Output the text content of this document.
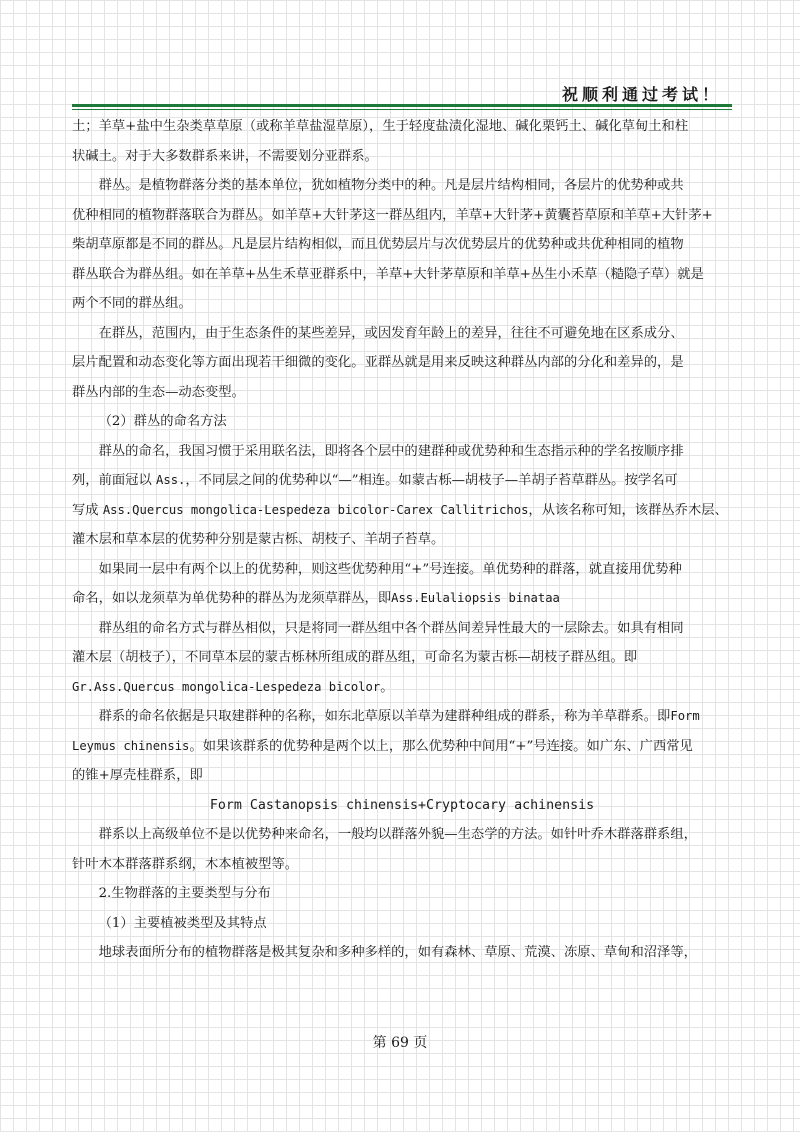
祝顺利通过考试！

土；羊草+盐中生杂类草草原（或称羊草盐湿草原），生于轻度盐渍化湿地、碱化栗钙土、碱化草甸土和柱
状碱土。对于大多数群系来讲，不需要划分亚群系。

群丛。是植物群落分类的基本单位，犹如植物分类中的种。凡是层片结构相同，各层片的优势种或共
优种相同的植物群落联合为群丛。如羊草+大针茅这一群丛组内，羊草+大针茅+黄囊苔草原和羊草+大针茅+
柴胡草原都是不同的群丛。凡是层片结构相似，而且优势层片与次优势层片的优势种或共优种相同的植物
群丛联合为群丛组。如在羊草+丛生禾草亚群系中，羊草+大针茅草原和羊草+丛生小禾草（糙隐子草）就是
两个不同的群丛组。

在群丛，范围内，由于生态条件的某些差异，或因发育年龄上的差异，往往不可避免地在区系成分、
层片配置和动态变化等方面出现若干细微的变化。亚群丛就是用来反映这种群丛内部的分化和差异的，是
群丛内部的生态—动态变型。

（2）群丛的命名方法

群丛的命名，我国习惯于采用联名法，即将各个层中的建群种或优势种和生态指示种的学名按顺序排
列，前面冠以 Ass.，不同层之间的优势种以“—”相连。如蒙古栎—胡枝子—羊胡子苔草群丛。按学名可
写成 Ass.Quercus mongolica-Lespedeza bicolor-Carex Callitrichos，从该名称可知，该群丛乔木层、
灌木层和草本层的优势种分别是蒙古栎、胡枝子、羊胡子苔草。

如果同一层中有两个以上的优势种，则这些优势种用“+”号连接。单优势种的群落，就直接用优势种
命名，如以龙须草为单优势种的群丛为龙须草群丛，即Ass.Eulaliopsis binataa

群丛组的命名方式与群丛相似，只是将同一群丛组中各个群丛间差异性最大的一层除去。如具有相同
灌木层（胡枝子），不同草本层的蒙古栎林所组成的群丛组，可命名为蒙古栎—胡枝子群丛组。即
Gr.Ass.Quercus mongolica-Lespedeza bicolor。

群系的命名依据是只取建群种的名称，如东北草原以羊草为建群种组成的群系，称为羊草群系。即Form
Leymus chinensis。如果该群系的优势种是两个以上，那么优势种中间用“+”号连接。如广东、广西常见
的锥+厚壳桂群系，即

Form Castanopsis chinensis+Cryptocary achinensis

群系以上高级单位不是以优势种来命名，一般均以群落外貌—生态学的方法。如针叶乔木群落群系组，
针叶木本群落群系纲，木本植被型等。

2.生物群落的主要类型与分布

（1）主要植被类型及其特点

地球表面所分布的植物群落是极其复杂和多种多样的，如有森林、草原、荒漠、冻原、草甸和沼泽等，

第 69 页
